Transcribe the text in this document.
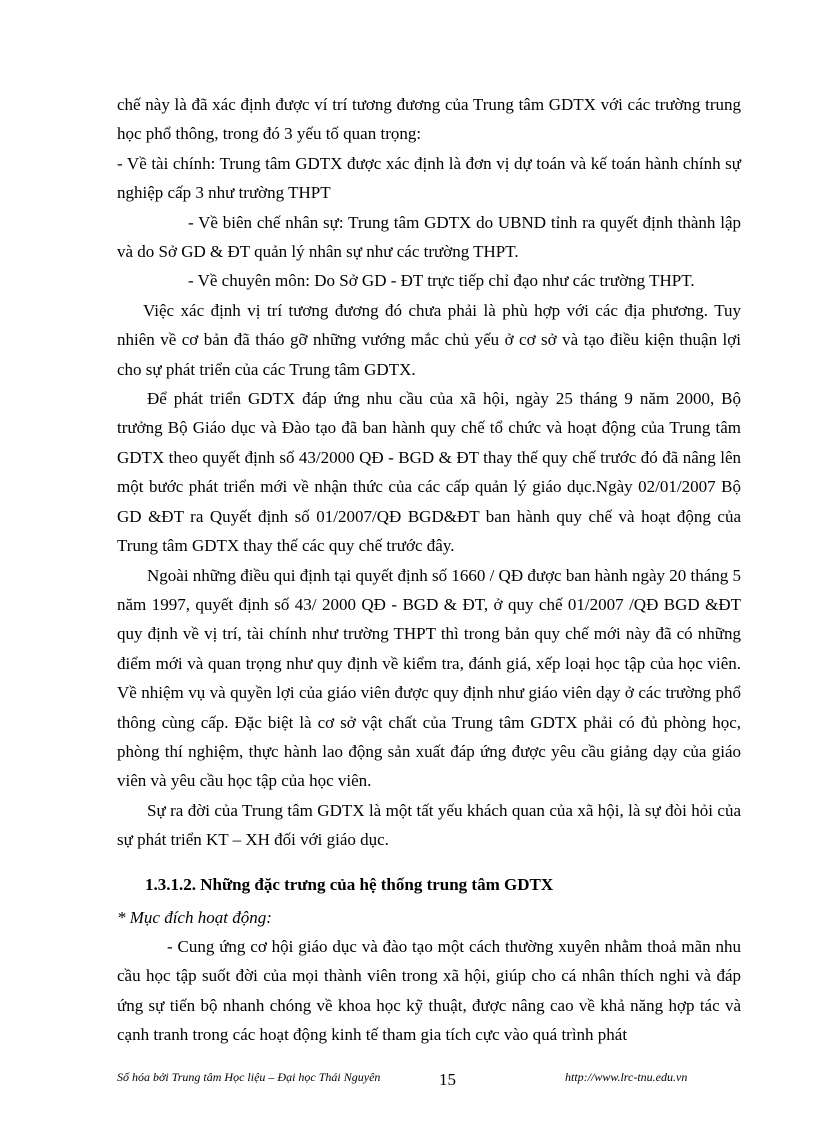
chế này là đã xác định được ví trí tương đương của Trung tâm GDTX với các trường trung học phổ thông, trong đó 3 yếu tố quan trọng:

- Về tài chính: Trung tâm GDTX được xác định là đơn vị dự toán và kế toán hành chính sự nghiệp cấp 3 như trường THPT

- Về biên chế nhân sự: Trung tâm GDTX do UBND tỉnh ra quyết định thành lập và do Sở GD & ĐT quản lý nhân sự như các trường THPT.

- Về chuyên môn: Do Sở GD - ĐT trực tiếp chỉ đạo như các trường THPT.

Việc xác định vị trí tương đương đó chưa phải là phù hợp với các địa phương. Tuy nhiên về cơ bản đã tháo gỡ những vướng mắc chủ yếu ở cơ sở và tạo điều kiện thuận lợi cho sự phát triển của các Trung tâm GDTX.

Để phát triển GDTX đáp ứng nhu cầu của xã hội, ngày 25 tháng 9 năm 2000, Bộ trưởng Bộ Giáo dục và Đào tạo đã ban hành quy chế tổ chức và hoạt động của Trung tâm GDTX theo quyết định số 43/2000 QĐ - BGD & ĐT thay thế quy chế trước đó đã nâng lên một bước phát triển mới về nhận thức của các cấp quản lý giáo dục.Ngày 02/01/2007 Bộ GD &ĐT ra Quyết định số 01/2007/QĐ BGD&ĐT ban hành quy chế và hoạt động của Trung tâm GDTX thay thế các quy chế trước đây.

Ngoài những điều qui định tại quyết định số 1660 / QĐ được ban hành ngày 20 tháng 5 năm 1997, quyết định số 43/ 2000 QĐ - BGD & ĐT, ở quy chế 01/2007 /QĐ BGD &ĐT quy định về vị trí, tài chính như trường THPT thì trong bản quy chế mới này đã có những điểm mới và quan trọng như quy định về kiểm tra, đánh giá, xếp loại học tập của học viên. Về nhiệm vụ và quyền lợi của giáo viên được quy định như giáo viên dạy ở các trường phổ thông cùng cấp. Đặc biệt là cơ sở vật chất của Trung tâm GDTX phải có đủ phòng học, phòng thí nghiệm, thực hành lao động sản xuất đáp ứng được yêu cầu giảng dạy của giáo viên và yêu cầu học tập của học viên.

Sự ra đời của Trung tâm GDTX là một tất yếu khách quan của xã hội, là sự đòi hỏi của sự phát triển KT – XH đối với giáo dục.

1.3.1.2. Những đặc trưng của hệ thống trung tâm GDTX

* Mục đích hoạt động:

- Cung ứng cơ hội giáo dục và đào tạo một cách thường xuyên nhằm thoả mãn nhu cầu học tập suốt đời của mọi thành viên trong xã hội, giúp cho cá nhân thích nghi và đáp ứng sự tiến bộ nhanh chóng về khoa học kỹ thuật, được nâng cao về khả năng hợp tác và cạnh tranh trong các hoạt động kinh tế tham gia tích cực vào quá trình phát

Số hóa bởi Trung tâm Học liệu – Đại học Thái Nguyên	15	http://www.lrc-tnu.edu.vn
